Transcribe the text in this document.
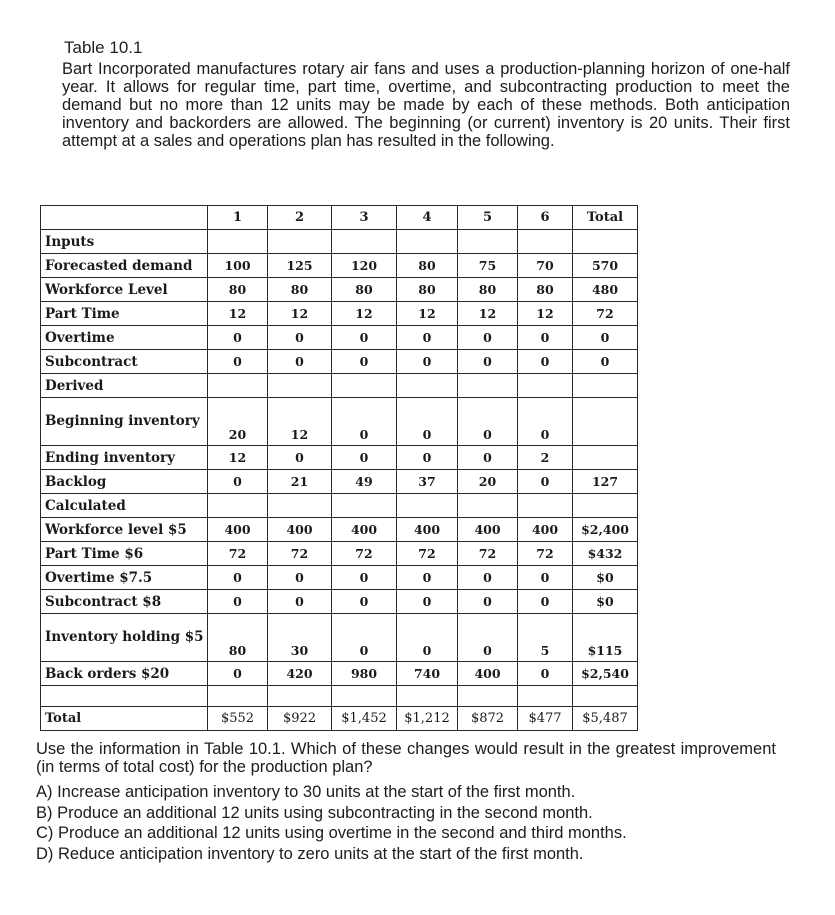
Table 10.1

Bart Incorporated manufactures rotary air fans and uses a production-planning horizon of one-half year. It allows for regular time, part time, overtime, and subcontracting production to meet the demand but no more than 12 units may be made by each of these methods. Both anticipation inventory and backorders are allowed. The beginning (or current) inventory is 20 units. Their first attempt at a sales and operations plan has resulted in the following.

	1	2	3	4	5	6	Total
Inputs							
Forecasted demand	100	125	120	80	75	70	570
Workforce Level	80	80	80	80	80	80	480
Part Time	12	12	12	12	12	12	72
Overtime	0	0	0	0	0	0	0
Subcontract	0	0	0	0	0	0	0
Derived							
Beginning inventory	20	12	0	0	0	0	
Ending inventory	12	0	0	0	0	2	
Backlog	0	21	49	37	20	0	127
Calculated							
Workforce level $5	400	400	400	400	400	400	$2,400
Part Time $6	72	72	72	72	72	72	$432
Overtime $7.5	0	0	0	0	0	0	$0
Subcontract $8	0	0	0	0	0	0	$0
Inventory holding $5	80	30	0	0	0	5	$115
Back orders $20	0	420	980	740	400	0	$2,540

Total	$552	$922	$1,452	$1,212	$872	$477	$5,487

Use the information in Table 10.1. Which of these changes would result in the greatest improvement (in terms of total cost) for the production plan?

A) Increase anticipation inventory to 30 units at the start of the first month.
B) Produce an additional 12 units using subcontracting in the second month.
C) Produce an additional 12 units using overtime in the second and third months.
D) Reduce anticipation inventory to zero units at the start of the first month.
